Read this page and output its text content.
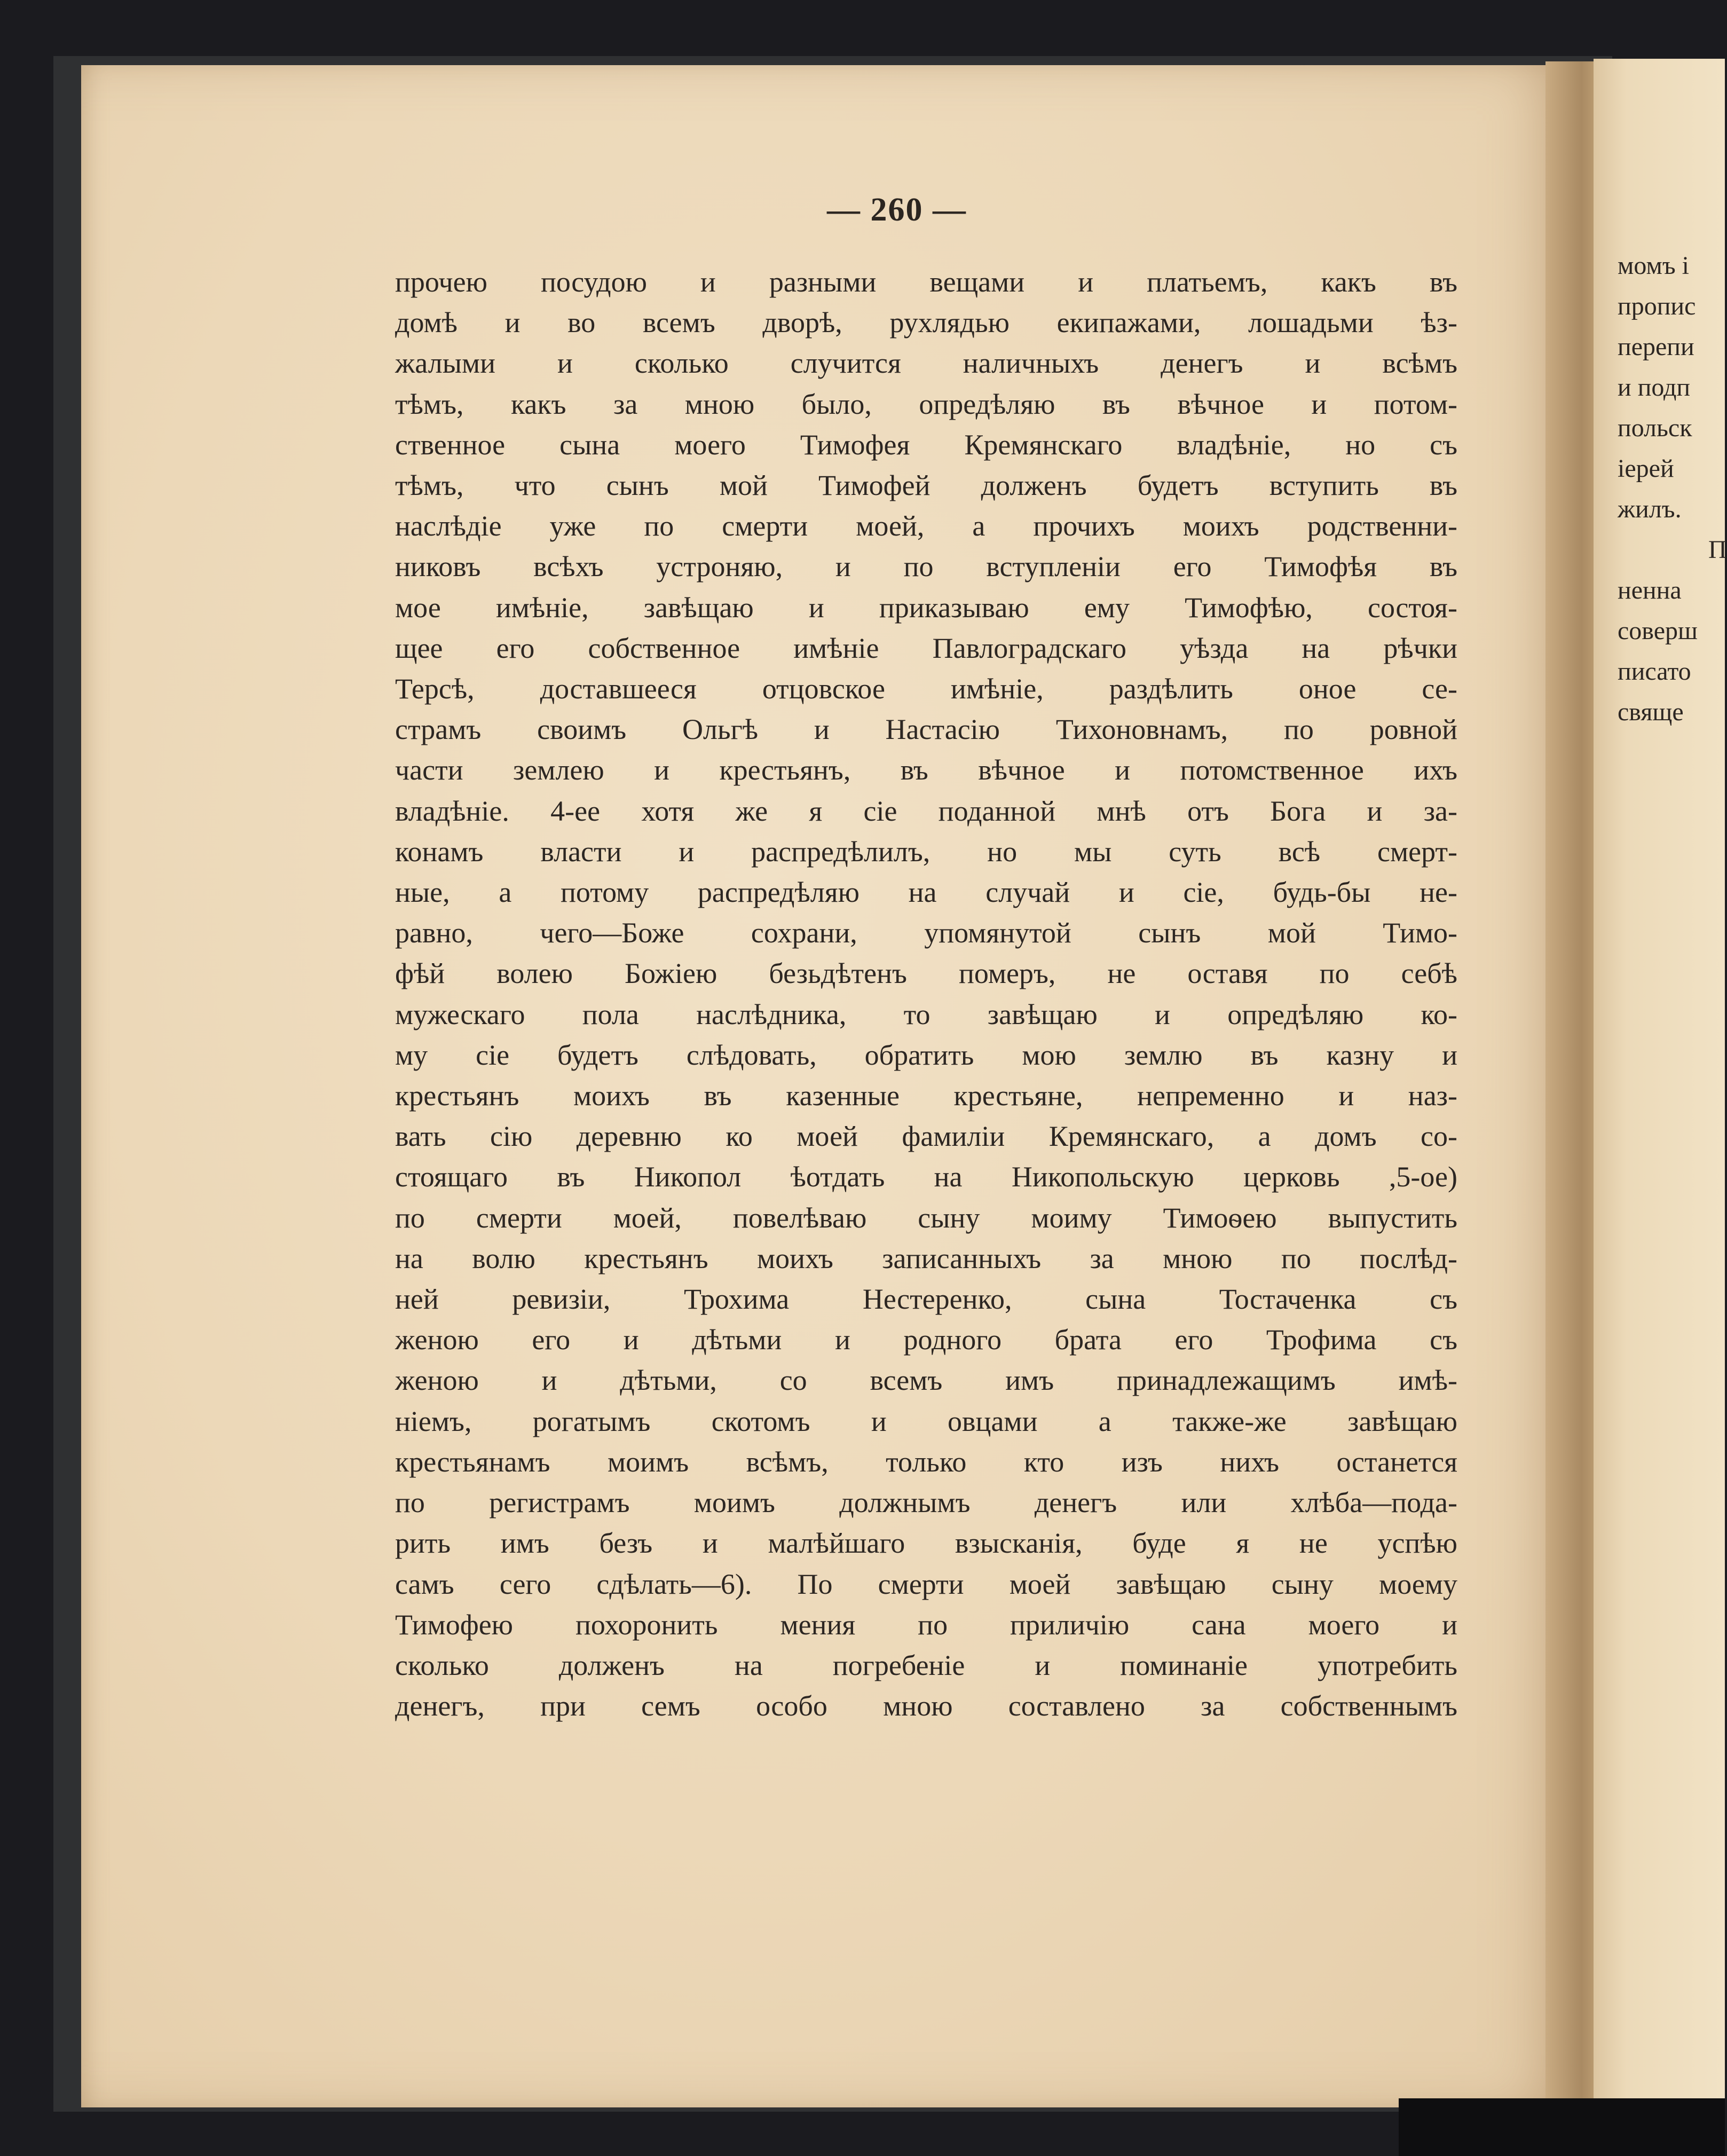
— 260 —
прочею посудою и разными вещами и платьемъ, какъ въ
домѣ и во всемъ дворѣ, рухлядью екипажами, лошадьми ѣз-
жалыми и сколько случится наличныхъ денегъ и всѣмъ
тѣмъ, какъ за мною было, опредѣляю въ вѣчное и потом-
ственное сына моего Тимофея Кремянскаго владѣніе, но съ
тѣмъ, что сынъ мой Тимофей долженъ будетъ вступить въ
наслѣдіе уже по смерти моей, а прочихъ моихъ родственни-
никовъ всѣхъ устроняю, и по вступленіи его Тимофѣя въ
мое имѣніе, завѣщаю и приказываю ему Тимофѣю, состоя-
щее его собственное имѣніе Павлоградскаго уѣзда на рѣчки
Терсѣ, доставшееся отцовское имѣніе, раздѣлить оное се-
страмъ своимъ Ольгѣ и Настасію Тихоновнамъ, по ровной
части землею и крестьянъ, въ вѣчное и потомственное ихъ
владѣніе. 4-ее хотя же я сіе поданной мнѣ отъ Бога и за-
конамъ власти и распредѣлилъ, но мы суть всѣ смерт-
ные, а потому распредѣляю на случай и сіе, будь-бы не-
равно, чего—Боже сохрани, упомянутой сынъ мой Тимо-
фѣй волею Божіею безьдѣтенъ померъ, не оставя по себѣ
мужескаго пола наслѣдника, то завѣщаю и опредѣляю ко-
му сіе будетъ слѣдовать, обратить мою землю въ казну и
крестьянъ моихъ въ казенные крестьяне, непременно и наз-
вать сію деревню ко моей фамиліи Кремянскаго, а домъ со-
стоящаго въ Никопол ѣотдать на Никопольскую церковь ,5-ое)
по смерти моей, повелѣваю сыну моиму Тимоѳею выпустить
на волю крестьянъ моихъ записанныхъ за мною по послѣд-
ней ревизіи, Трохима Нестеренко, сына Тостаченка съ
женою его и дѣтьми и родного брата его Трофима съ
женою и дѣтьми, со всемъ имъ принадлежащимъ имѣ-
ніемъ, рогатымъ скотомъ и овцами а также-же завѣщаю
крестьянамъ моимъ всѣмъ, только кто изъ нихъ останется
по регистрамъ моимъ должнымъ денегъ или хлѣба—пода-
рить имъ безъ и малѣйшаго взысканія, буде я не успѣю
самъ сего сдѣлать—6). По смерти моей завѣщаю сыну моему
Тимофею похоронить мения по приличію сана моего и
сколько долженъ на погребеніе и поминаніе употребить
денегъ, при семъ особо мною составлено за собственнымъ
момъ і
пропис
перепи
и подп
польск
іерей
жилъ.
П
ненна
соверш
писато
свяще
